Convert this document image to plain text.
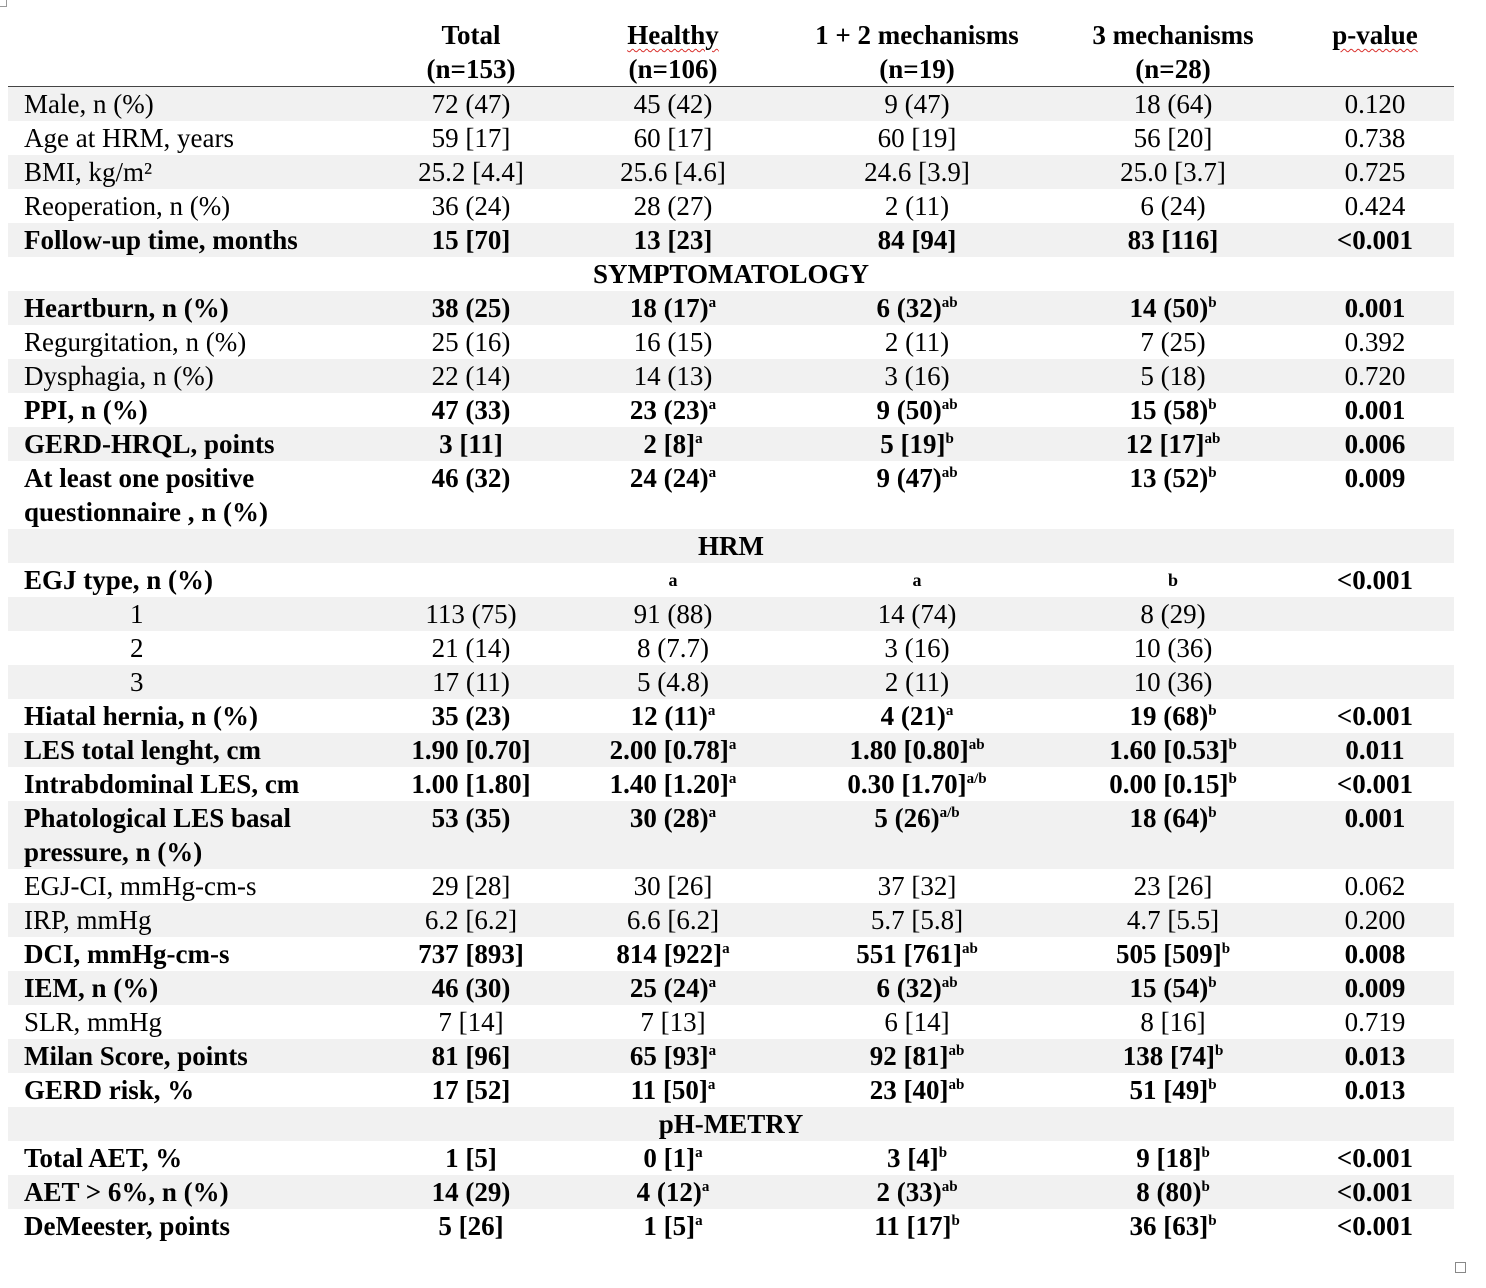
	Total	Healthy	1 + 2 mechanisms	3 mechanisms	p-value
	(n=153)	(n=106)	(n=19)	(n=28)	
Male, n (%)	72 (47)	45 (42)	9 (47)	18 (64)	0.120
Age at HRM, years	59 [17]	60 [17]	60 [19]	56 [20]	0.738
BMI, kg/m²	25.2 [4.4]	25.6 [4.6]	24.6 [3.9]	25.0 [3.7]	0.725
Reoperation, n (%)	36 (24)	28 (27)	2 (11)	6 (24)	0.424
Follow-up time, months	15 [70]	13 [23]	84 [94]	83 [116]	<0.001
SYMPTOMATOLOGY					
Heartburn, n (%)	38 (25)	18 $(17)^a$	6 $(32)^{ab}$	14 $(50)^b$	0.001
Regurgitation, n (%)	25 (16)	16 (15)	2 (11)	7 (25)	0.392
Dysphagia, n (%)	22 (14)	14 (13)	3 (16)	5 (18)	0.720
PPI, n (%)	47 (33)	23 $(23)^a$	9 $(50)^{ab}$	15 $(58)^b$	0.001
GERD-HRQL, points	3 [11]	2 $[8]^a$	5 $[19]^b$	12 $[17]^{ab}$	0.006
At least one positive questionnaire , n (%)	46 (32)	24 $(24)^a$	9 $(47)^{ab}$	13 $(52)^b$	0.009
HRM					
EGJ type, n (%)		a	a	b	<0.001
1	113 (75)	91 (88)	14 (74)	8 (29)	
2	21 (14)	8 (7.7)	3 (16)	10 (36)	
3	17 (11)	5 (4.8)	2 (11)	10 (36)	
Hiatal hernia, n (%)	35 (23)	12 $(11)^a$	4 $(21)^a$	19 $(68)^b$	<0.001
LES total lenght, cm	1.90 [0.70]	2.00 $[0.78]^a$	1.80 $[0.80]^{ab}$	1.60 $[0.53]^b$	0.011
Intrabdominal LES, cm	1.00 [1.80]	1.40 $[1.20]^a$	0.30 $[1.70]^{a/b}$	0.00 $[0.15]^b$	<0.001
Phatological LES basal pressure, n (%)	53 (35)	30 $(28)^a$	5 $(26)^{a/b}$	18 $(64)^b$	0.001
EGJ-CI, mmHg-cm-s	29 [28]	30 [26]	37 [32]	23 [26]	0.062
IRP, mmHg	6.2 [6.2]	6.6 [6.2]	5.7 [5.8]	4.7 [5.5]	0.200
DCI, mmHg-cm-s	737 [893]	814 $[922]^a$	551 $[761]^{ab}$	505 $[509]^b$	0.008
IEM, n (%)	46 (30)	25 $(24)^a$	6 $(32)^{ab}$	15 $(54)^b$	0.009
SLR, mmHg	7 [14]	7 [13]	6 [14]	8 [16]	0.719
Milan Score, points	81 [96]	65 $[93]^a$	92 $[81]^{ab}$	138 $[74]^b$	0.013
GERD risk, %	17 [52]	11 $[50]^a$	23 $[40]^{ab}$	51 $[49]^b$	0.013
pH-METRY					
Total AET, %	1 [5]	0 $[1]^a$	3 $[4]^b$	9 $[18]^b$	<0.001
AET > 6%, n (%)	14 (29)	4 $(12)^a$	2 $(33)^{ab}$	8 $(80)^b$	<0.001
DeMeester, points	5 [26]	1 $[5]^a$	11 $[17]^b$	36 $[63]^b$	<0.001
